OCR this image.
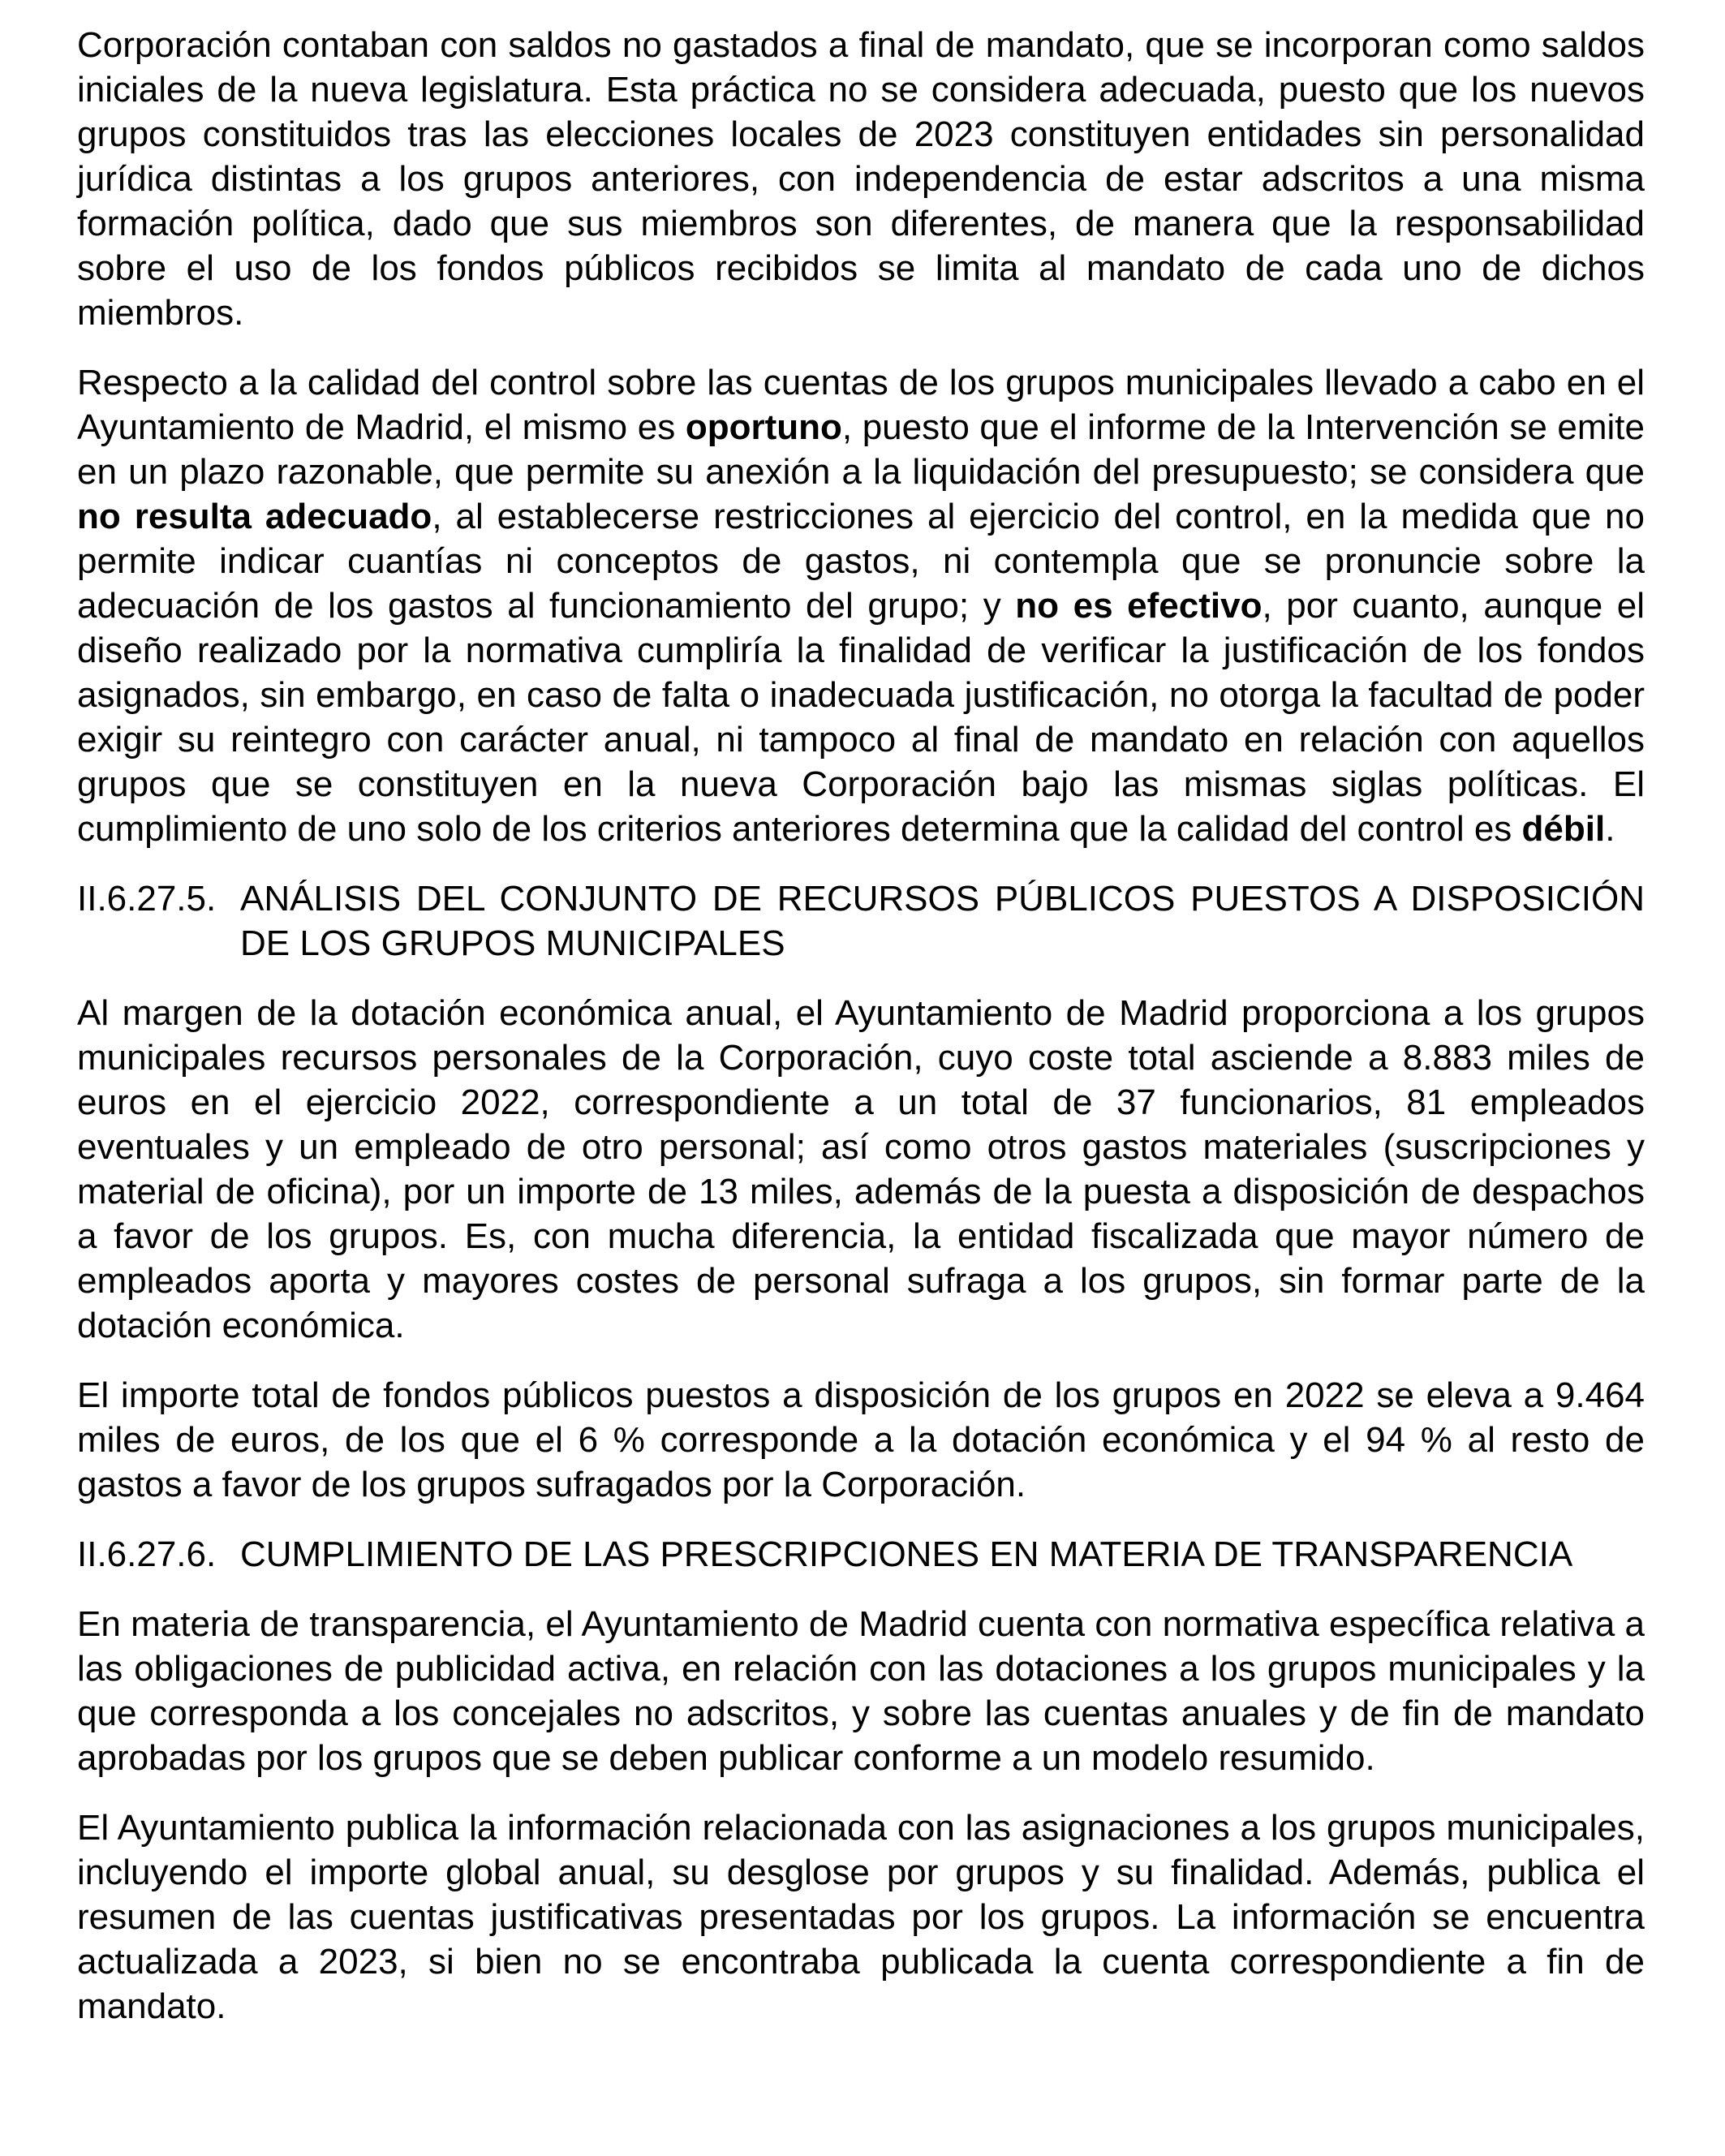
Corporación contaban con saldos no gastados a final de mandato, que se incorporan como saldos iniciales de la nueva legislatura. Esta práctica no se considera adecuada, puesto que los nuevos grupos constituidos tras las elecciones locales de 2023 constituyen entidades sin personalidad jurídica distintas a los grupos anteriores, con independencia de estar adscritos a una misma formación política, dado que sus miembros son diferentes, de manera que la responsabilidad sobre el uso de los fondos públicos recibidos se limita al mandato de cada uno de dichos miembros.

Respecto a la calidad del control sobre las cuentas de los grupos municipales llevado a cabo en el Ayuntamiento de Madrid, el mismo es oportuno, puesto que el informe de la Intervención se emite en un plazo razonable, que permite su anexión a la liquidación del presupuesto; se considera que no resulta adecuado, al establecerse restricciones al ejercicio del control, en la medida que no permite indicar cuantías ni conceptos de gastos, ni contempla que se pronuncie sobre la adecuación de los gastos al funcionamiento del grupo; y no es efectivo, por cuanto, aunque el diseño realizado por la normativa cumpliría la finalidad de verificar la justificación de los fondos asignados, sin embargo, en caso de falta o inadecuada justificación, no otorga la facultad de poder exigir su reintegro con carácter anual, ni tampoco al final de mandato en relación con aquellos grupos que se constituyen en la nueva Corporación bajo las mismas siglas políticas. El cumplimiento de uno solo de los criterios anteriores determina que la calidad del control es débil.

II.6.27.5. ANÁLISIS DEL CONJUNTO DE RECURSOS PÚBLICOS PUESTOS A DISPOSICIÓN DE LOS GRUPOS MUNICIPALES

Al margen de la dotación económica anual, el Ayuntamiento de Madrid proporciona a los grupos municipales recursos personales de la Corporación, cuyo coste total asciende a 8.883 miles de euros en el ejercicio 2022, correspondiente a un total de 37 funcionarios, 81 empleados eventuales y un empleado de otro personal; así como otros gastos materiales (suscripciones y material de oficina), por un importe de 13 miles, además de la puesta a disposición de despachos a favor de los grupos. Es, con mucha diferencia, la entidad fiscalizada que mayor número de empleados aporta y mayores costes de personal sufraga a los grupos, sin formar parte de la dotación económica.

El importe total de fondos públicos puestos a disposición de los grupos en 2022 se eleva a 9.464 miles de euros, de los que el 6 % corresponde a la dotación económica y el 94 % al resto de gastos a favor de los grupos sufragados por la Corporación.

II.6.27.6. CUMPLIMIENTO DE LAS PRESCRIPCIONES EN MATERIA DE TRANSPARENCIA

En materia de transparencia, el Ayuntamiento de Madrid cuenta con normativa específica relativa a las obligaciones de publicidad activa, en relación con las dotaciones a los grupos municipales y la que corresponda a los concejales no adscritos, y sobre las cuentas anuales y de fin de mandato aprobadas por los grupos que se deben publicar conforme a un modelo resumido.

El Ayuntamiento publica la información relacionada con las asignaciones a los grupos municipales, incluyendo el importe global anual, su desglose por grupos y su finalidad. Además, publica el resumen de las cuentas justificativas presentadas por los grupos. La información se encuentra actualizada a 2023, si bien no se encontraba publicada la cuenta correspondiente a fin de mandato.
